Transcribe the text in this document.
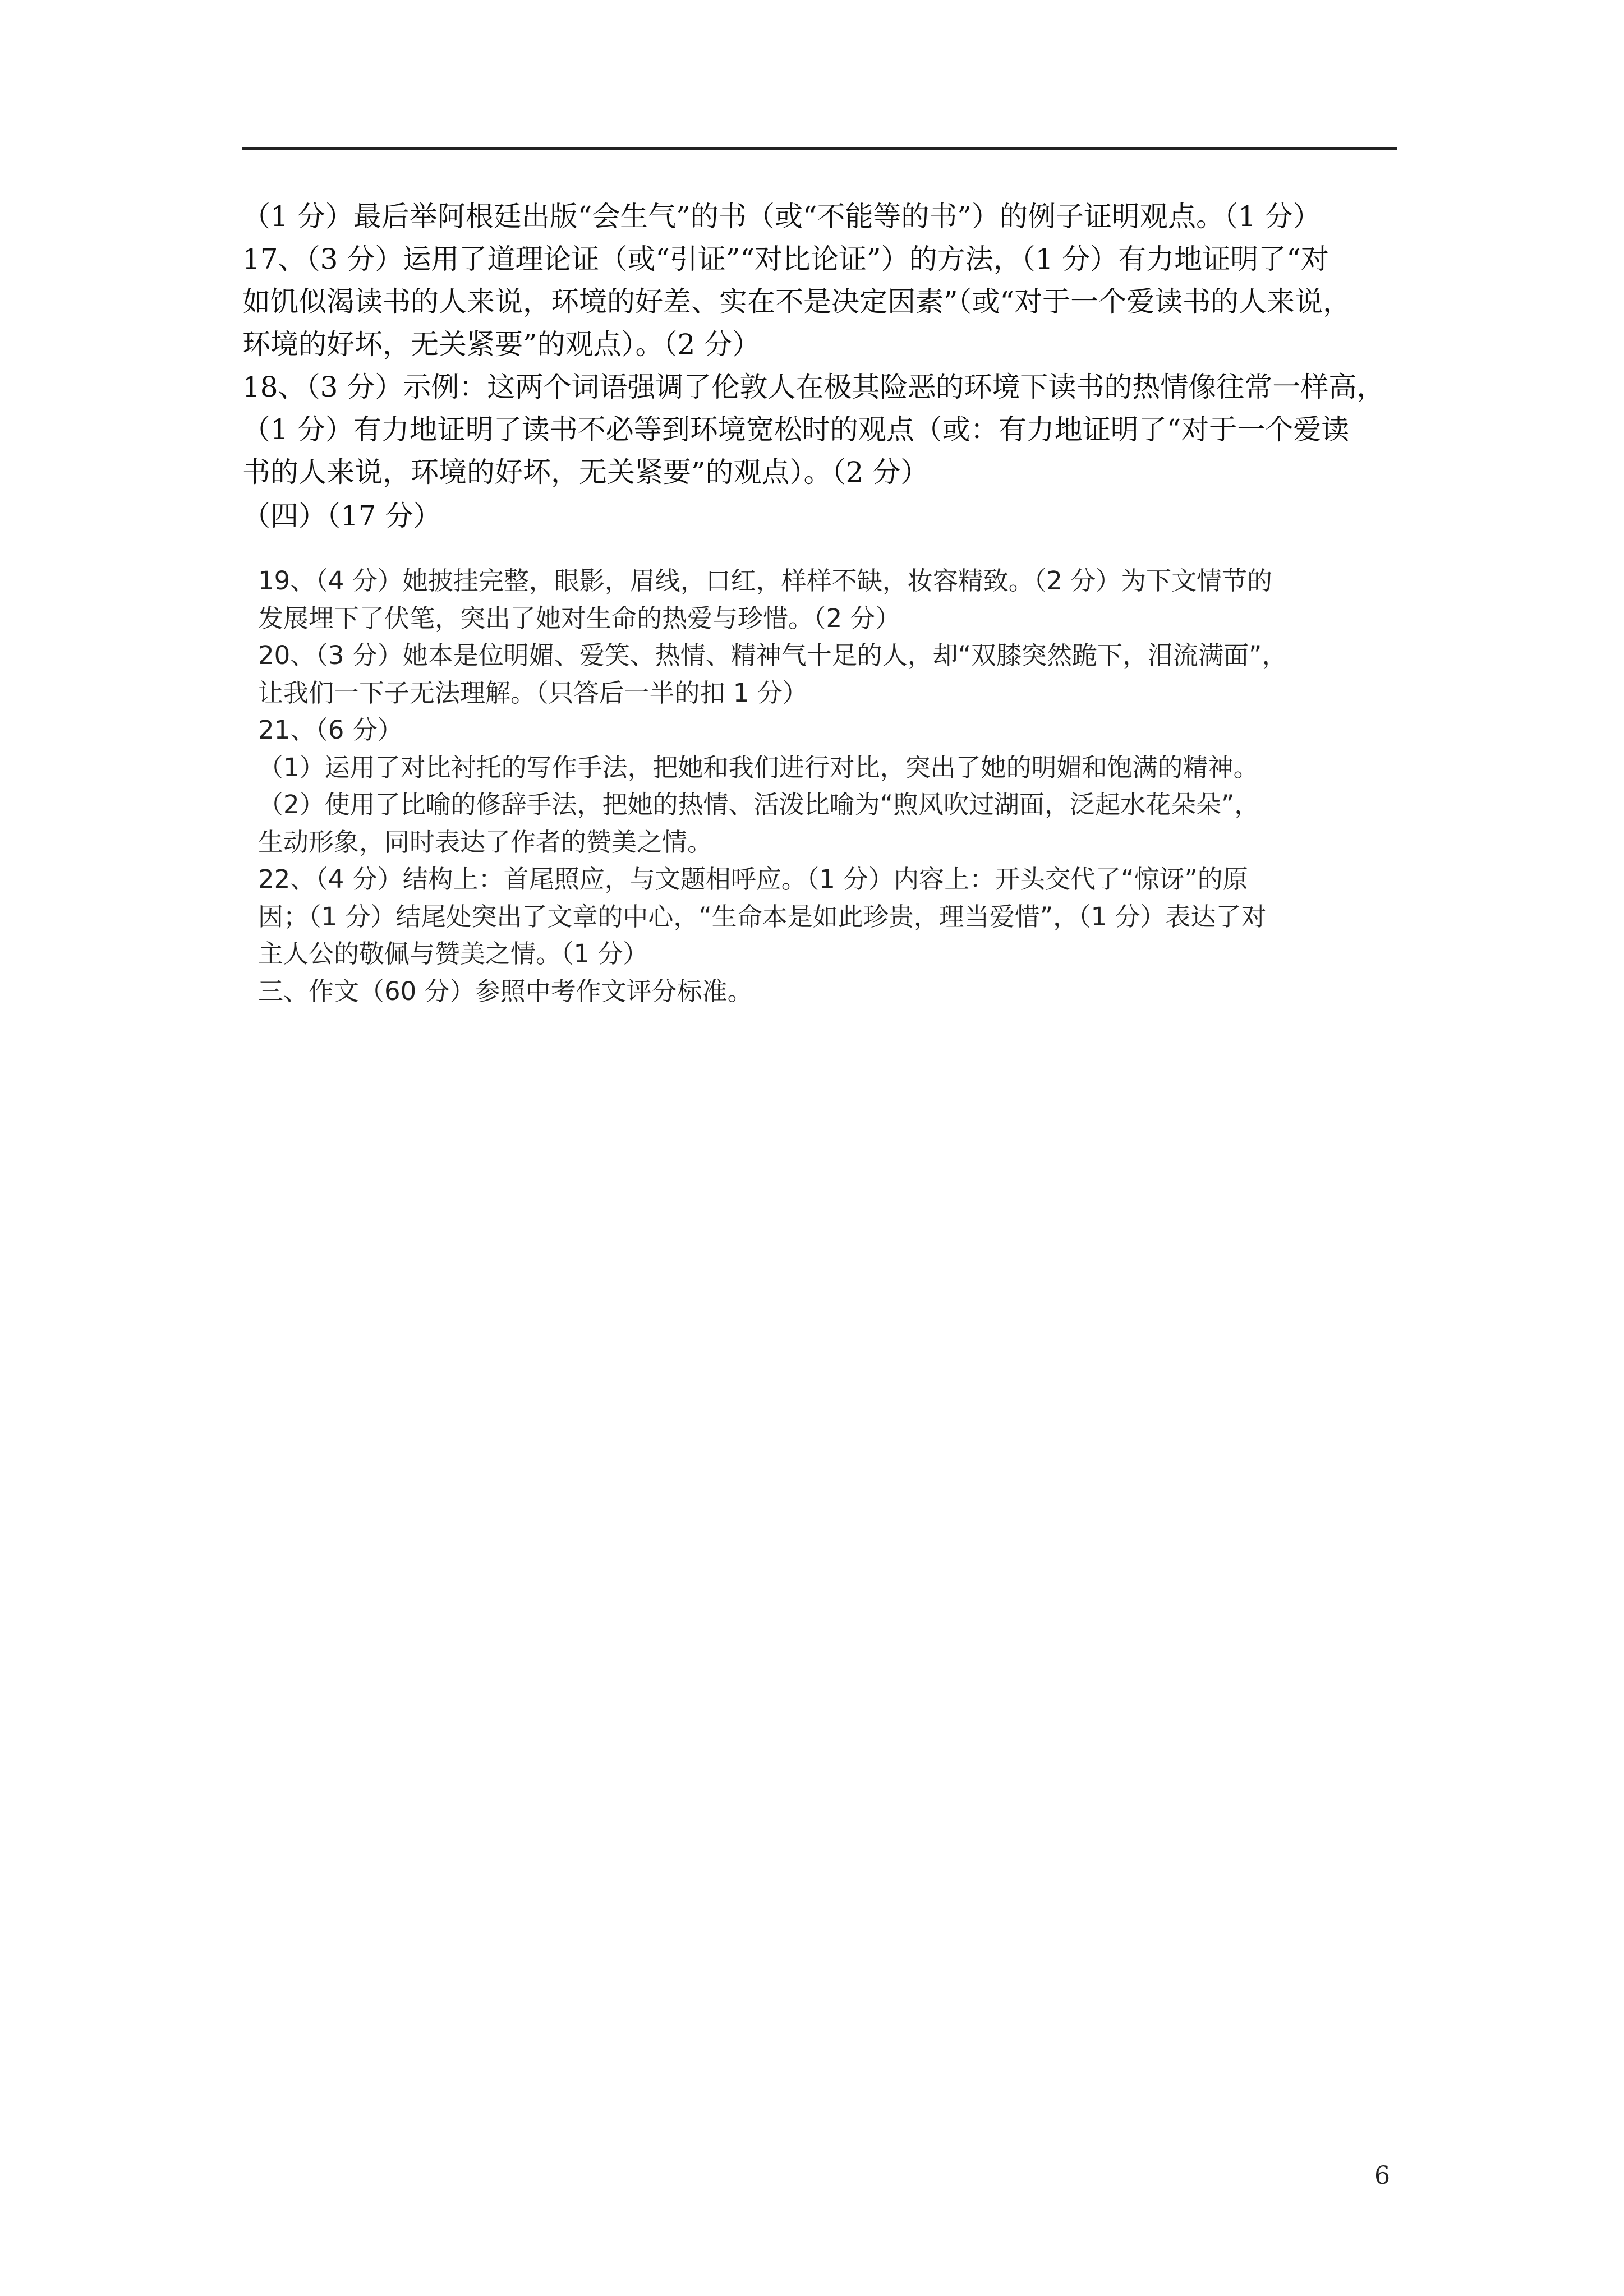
（1 分）最后举阿根廷出版“会生气”的书（或“不能等的书”）的例子证明观点。（1 分）
17、（3 分）运用了道理论证（或“引证”“对比论证”）的方法，（1 分）有力地证明了“对
如饥似渴读书的人来说，环境的好差、实在不是决定因素”（或“对于一个爱读书的人来说，
环境的好坏，无关紧要”的观点）。（2 分）
18、（3 分）示例：这两个词语强调了伦敦人在极其险恶的环境下读书的热情像往常一样高，
（1 分）有力地证明了读书不必等到环境宽松时的观点（或：有力地证明了“对于一个爱读
书的人来说，环境的好坏，无关紧要”的观点）。（2 分）
（四）（17 分）
19、（4 分）她披挂完整，眼影，眉线，口红，样样不缺，妆容精致。（2 分）为下文情节的
发展埋下了伏笔，突出了她对生命的热爱与珍惜。（2 分）
20、（3 分）她本是位明媚、爱笑、热情、精神气十足的人，却“双膝突然跪下，泪流满面”，
让我们一下子无法理解。（只答后一半的扣 1 分）
21、（6 分）
（1）运用了对比衬托的写作手法，把她和我们进行对比，突出了她的明媚和饱满的精神。
（2）使用了比喻的修辞手法，把她的热情、活泼比喻为“煦风吹过湖面，泛起水花朵朵”，
生动形象，同时表达了作者的赞美之情。
22、（4 分）结构上：首尾照应，与文题相呼应。（1 分）内容上：开头交代了“惊讶”的原
因；（1 分）结尾处突出了文章的中心，“生命本是如此珍贵，理当爱惜”，（1 分）表达了对
主人公的敬佩与赞美之情。（1 分）
三、作文（60 分）参照中考作文评分标准。
6
